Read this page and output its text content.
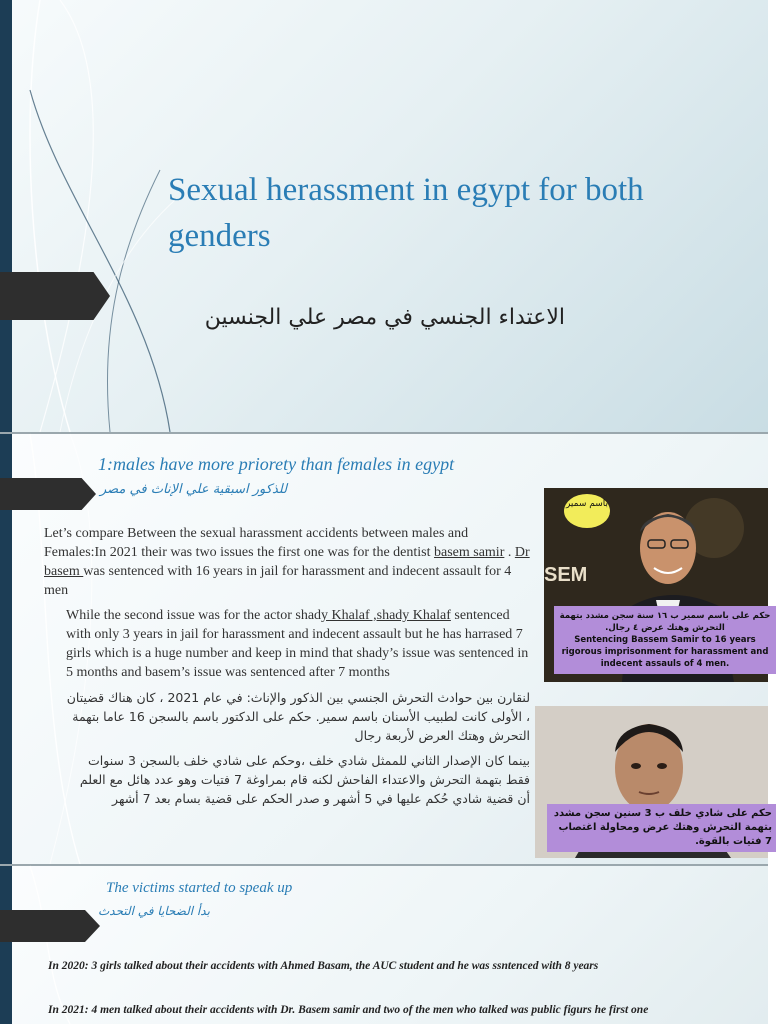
Sexual herassment in egypt for both genders
الاعتداء الجنسي في مصر علي الجنسين
1:males have more priorety than females in egypt
للذكور اسبقية علي الإناث في مصر

Let’s compare Between the sexual harassment accidents between males and Females:In 2021 their was two issues the first one was for the dentist basem samir . Dr basem was sentenced with 16 years in jail for harassment and indecent assault for 4 men

While the second issue was for the actor shady Khalaf ,shady Khalaf sentenced with only 3 years in jail for harassment and indecent assault but he has harrased 7 girls which is a huge number and keep in mind that shady’s issue was sentenced in 5 months and basem’s issue was sentenced after 7 months

لنقارن بين حوادث التحرش الجنسي بين الذكور والإناث: في عام 2021 ، كان هناك قضيتان ، الأولى كانت لطبيب الأسنان باسم سمير. حكم على الدكتور باسم بالسجن 16 عاما بتهمة التحرش وهتك العرض لأربعة رجال

بينما كان الإصدار الثاني للممثل شادي خلف ،وحكم على شادي خلف بالسجن 3 سنوات فقط بتهمة التحرش والاعتداء الفاحش لكنه قام بمراوغة 7 فتيات وهو عدد هائل مع العلم أن قضية شادي حُكم عليها في 5 أشهر و صدر الحكم على قضية بسام بعد 7 أشهر

باسم سمير
SEM
حكم على باسم سمير ب ١٦ سنة سجن مشدد بتهمة التحرش وهتك عرض ٤ رجال.
Sentencing Bassem Samir to 16 years rigorous imprisonment for harassment and indecent assauls of 4 men.
حكم على شادي خلف ب 3 سنين سجن مشدد بتهمة التحرش وهتك عرض ومحاولة اغتصاب 7 فتيات بالقوة.
The victims started to speak up
بدأ الضحايا في التحدث
In 2020: 3 girls talked about their accidents with Ahmed Basam, the AUC student and he was ssntenced with 8 years
In 2021: 4 men talked about their accidents with Dr. Basem samir and two of the men who talked was public figurs he first one
